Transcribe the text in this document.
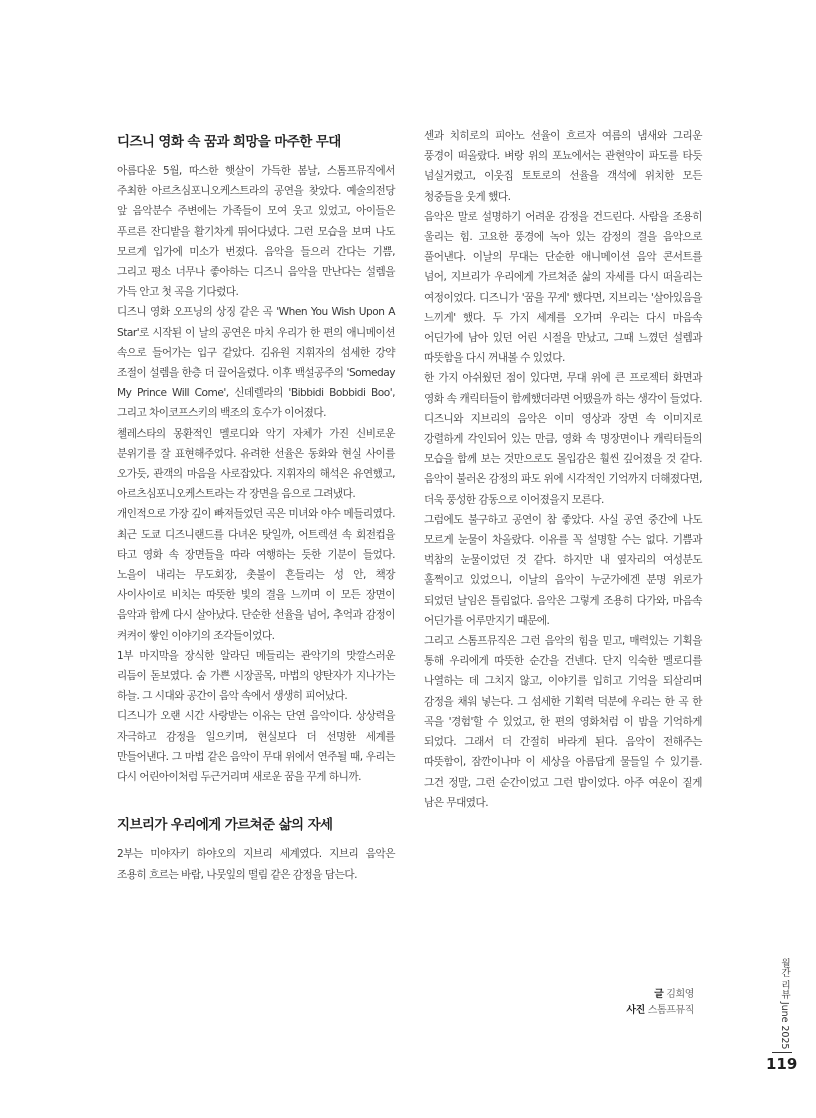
디즈니 영화 속 꿈과 희망을 마주한 무대

아름다운 5월, 따스한 햇살이 가득한 봄날, 스톰프뮤직에서 주최한 아르츠심포니오케스트라의 공연을 찾았다. 예술의전당 앞 음악분수 주변에는 가족들이 모여 웃고 있었고, 아이들은 푸르른 잔디밭을 활기차게 뛰어다녔다. 그런 모습을 보며 나도 모르게 입가에 미소가 번졌다. 음악을 들으러 간다는 기쁨, 그리고 평소 너무나 좋아하는 디즈니 음악을 만난다는 설렘을 가득 안고 첫 곡을 기다렸다.

디즈니 영화 오프닝의 상징 같은 곡 'When You Wish Upon A Star'로 시작된 이 날의 공연은 마치 우리가 한 편의 애니메이션 속으로 들어가는 입구 같았다. 김유원 지휘자의 섬세한 강약 조절이 설렘을 한층 더 끌어올렸다. 이후 백설공주의 'Someday My Prince Will Come', 신데렐라의 'Bibbidi Bobbidi Boo', 그리고 차이코프스키의 백조의 호수가 이어졌다.

첼레스타의 몽환적인 멜로디와 악기 자체가 가진 신비로운 분위기를 잘 표현해주었다. 유려한 선율은 동화와 현실 사이를 오가듯, 관객의 마음을 사로잡았다. 지휘자의 해석은 유연했고, 아르츠심포니오케스트라는 각 장면을 음으로 그려냈다.

개인적으로 가장 깊이 빠져들었던 곡은 미녀와 야수 메들리였다. 최근 도쿄 디즈니랜드를 다녀온 탓일까, 어트렉션 속 회전컵을 타고 영화 속 장면들을 따라 여행하는 듯한 기분이 들었다. 노을이 내리는 무도회장, 촛불이 흔들리는 성 안, 책장 사이사이로 비치는 따뜻한 빛의 결을 느끼며 이 모든 장면이 음악과 함께 다시 살아났다. 단순한 선율을 넘어, 추억과 감정이 켜켜이 쌓인 이야기의 조각들이었다.

1부 마지막을 장식한 알라딘 메들리는 관악기의 맛깔스러운 리듬이 돋보였다. 숨 가쁜 시장골목, 마법의 양탄자가 지나가는 하늘. 그 시대와 공간이 음악 속에서 생생히 피어났다.

디즈니가 오랜 시간 사랑받는 이유는 단연 음악이다. 상상력을 자극하고 감정을 일으키며, 현실보다 더 선명한 세계를 만들어낸다. 그 마법 같은 음악이 무대 위에서 연주될 때, 우리는 다시 어린아이처럼 두근거리며 새로운 꿈을 꾸게 하니까.

지브리가 우리에게 가르쳐준 삶의 자세

2부는 미야자키 하야오의 지브리 세계였다. 지브리 음악은 조용히 흐르는 바람, 나뭇잎의 떨림 같은 감정을 담는다.

센과 치히로의 피아노 선율이 흐르자 여름의 냄새와 그리운 풍경이 떠올랐다. 벼랑 위의 포뇨에서는 관현악이 파도를 타듯 넘실거렸고, 이웃집 토토로의 선율을 객석에 위치한 모든 청중들을 웃게 했다.

음악은 말로 설명하기 어려운 감정을 건드린다. 사람을 조용히 울리는 힘. 고요한 풍경에 녹아 있는 감정의 결을 음악으로 풀어낸다. 이날의 무대는 단순한 애니메이션 음악 콘서트를 넘어, 지브리가 우리에게 가르쳐준 삶의 자세를 다시 떠올리는 여정이었다. 디즈니가 '꿈을 꾸게' 했다면, 지브리는 '살아있음을 느끼게' 했다. 두 가지 세계를 오가며 우리는 다시 마음속 어딘가에 남아 있던 어린 시절을 만났고, 그때 느꼈던 설렘과 따뜻함을 다시 꺼내볼 수 있었다.

한 가지 아쉬웠던 점이 있다면, 무대 위에 큰 프로젝터 화면과 영화 속 캐릭터들이 함께했더라면 어땠을까 하는 생각이 들었다. 디즈니와 지브리의 음악은 이미 영상과 장면 속 이미지로 강렬하게 각인되어 있는 만큼, 영화 속 명장면이나 캐릭터들의 모습을 함께 보는 것만으로도 몰입감은 훨씬 깊어졌을 것 같다. 음악이 불러온 감정의 파도 위에 시각적인 기억까지 더해졌다면, 더욱 풍성한 감동으로 이어졌을지 모른다.

그럼에도 불구하고 공연이 참 좋았다. 사실 공연 중간에 나도 모르게 눈물이 차올랐다. 이유를 꼭 설명할 수는 없다. 기쁨과 벅참의 눈물이었던 것 같다. 하지만 내 옆자리의 여성분도 훌쩍이고 있었으니, 이날의 음악이 누군가에겐 분명 위로가 되었던 날임은 틀림없다. 음악은 그렇게 조용히 다가와, 마음속 어딘가를 어루만지기 때문에.

그리고 스톰프뮤직은 그런 음악의 힘을 믿고, 매력있는 기획을 통해 우리에게 따뜻한 순간을 건넨다. 단지 익숙한 멜로디를 나열하는 데 그치지 않고, 이야기를 입히고 기억을 되살리며 감정을 채워 넣는다. 그 섬세한 기획력 덕분에 우리는 한 곡 한 곡을 '경험'할 수 있었고, 한 편의 영화처럼 이 밤을 기억하게 되었다. 그래서 더 간절히 바라게 된다. 음악이 전해주는 따뜻함이, 잠깐이나마 이 세상을 아름답게 물들일 수 있기를. 그건 정말, 그런 순간이었고 그런 밤이었다. 아주 여운이 짙게 남은 무대였다.

글 김희영
사진 스톰프뮤직	월간 리뷰 June 2025
119
